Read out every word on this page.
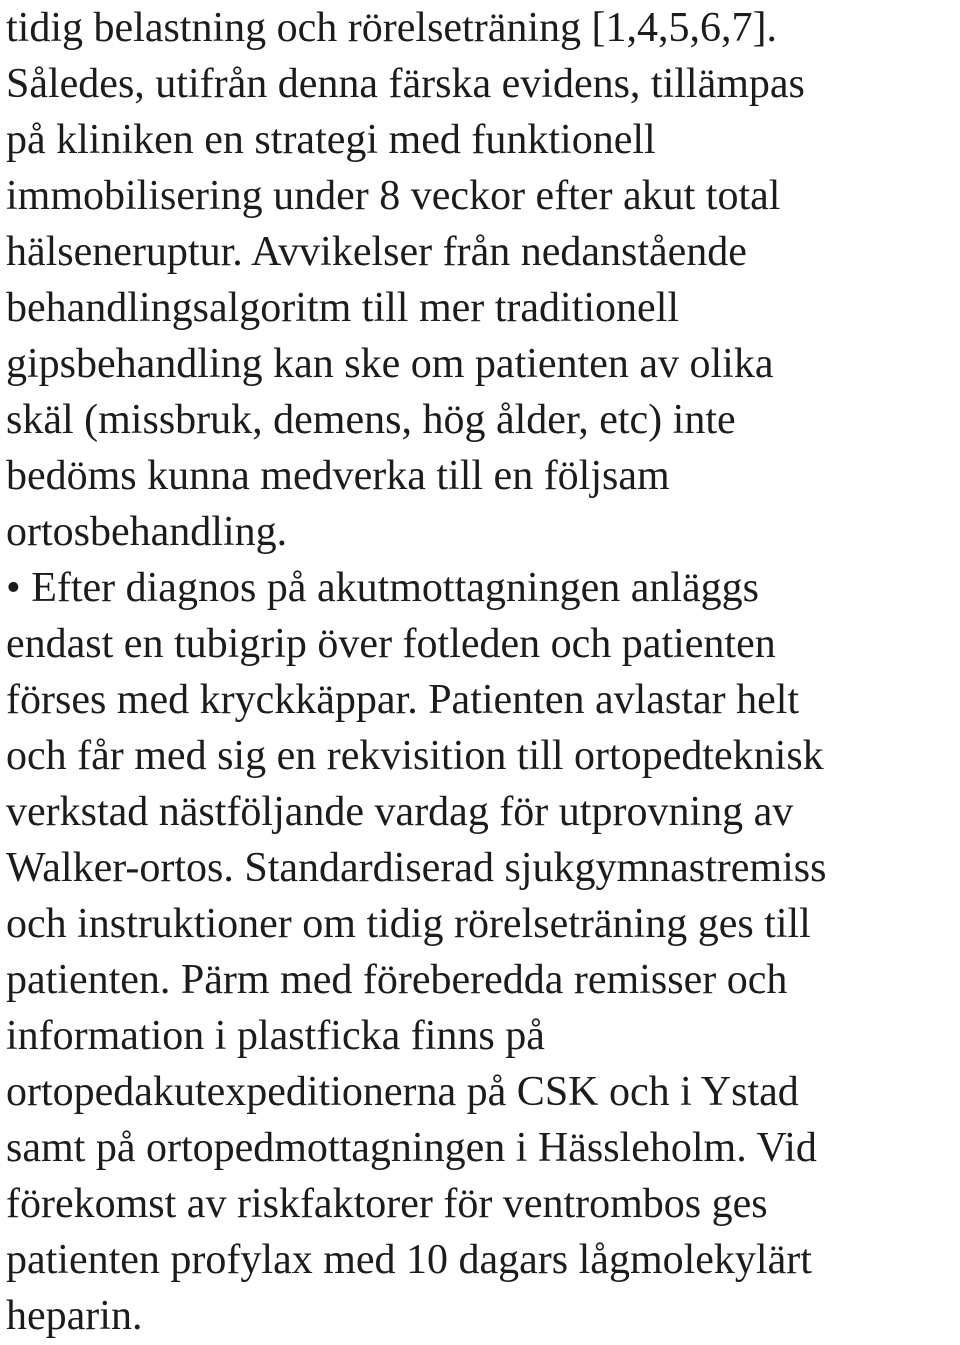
tidig belastning och rörelseträning [1,4,5,6,7].
Således, utifrån denna färska evidens, tillämpas
på kliniken en strategi med funktionell
immobilisering under 8 veckor efter akut total
hälseneruptur. Avvikelser från nedanstående
behandlingsalgoritm till mer traditionell
gipsbehandling kan ske om patienten av olika
skäl (missbruk, demens, hög ålder, etc) inte
bedöms kunna medverka till en följsam
ortosbehandling.
• Efter diagnos på akutmottagningen anläggs
endast en tubigrip över fotleden och patienten
förses med kryckkäppar. Patienten avlastar helt
och får med sig en rekvisition till ortopedteknisk
verkstad nästföljande vardag för utprovning av
Walker-ortos. Standardiserad sjukgymnastremiss
och instruktioner om tidig rörelseträning ges till
patienten. Pärm med föreberedda remisser och
information i plastficka finns på
ortopedakutexpeditionerna på CSK och i Ystad
samt på ortopedmottagningen i Hässleholm. Vid
förekomst av riskfaktorer för ventrombos ges
patienten profylax med 10 dagars lågmolekylärt
heparin.
